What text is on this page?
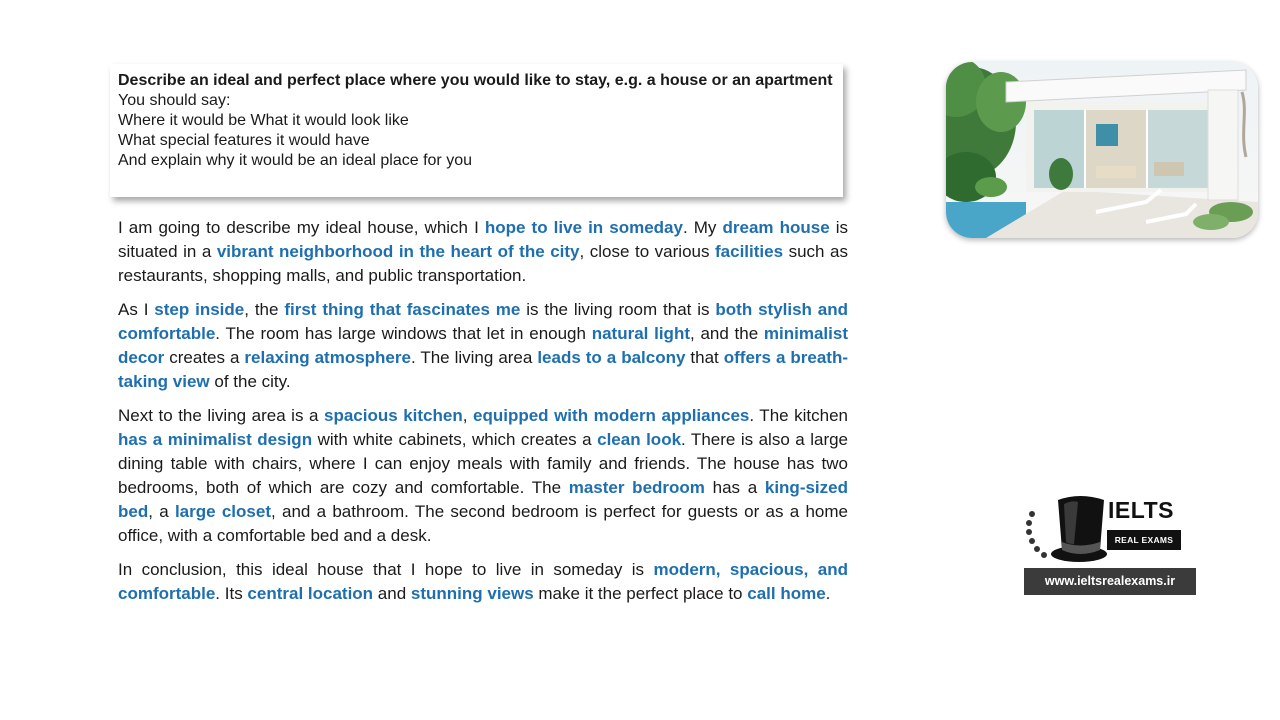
Describe an ideal and perfect place where you would like to stay, e.g. a house or an apartment
You should say:
Where it would be What it would look like
What special features it would have
And explain why it would be an ideal place for you

I am going to describe my ideal house, which I hope to live in someday. My dream house is situated in a vibrant neighborhood in the heart of the city, close to various facilities such as restaurants, shopping malls, and public transportation.

As I step inside, the first thing that fascinates me is the living room that is both stylish and comfortable. The room has large windows that let in enough natural light, and the minimalist decor creates a relaxing atmosphere. The living area leads to a balcony that offers a breath-taking view of the city.

Next to the living area is a spacious kitchen, equipped with modern appliances. The kitchen has a minimalist design with white cabinets, which creates a clean look. There is also a large dining table with chairs, where I can enjoy meals with family and friends. The house has two bedrooms, both of which are cozy and comfortable. The master bedroom has a king-sized bed, a large closet, and a bathroom. The second bedroom is perfect for guests or as a home office, with a comfortable bed and a desk.

In conclusion, this ideal house that I hope to live in someday is modern, spacious, and comfortable. Its central location and stunning views make it the perfect place to call home.

IELTS
REAL EXAMS
www.ieltsrealexams.ir
